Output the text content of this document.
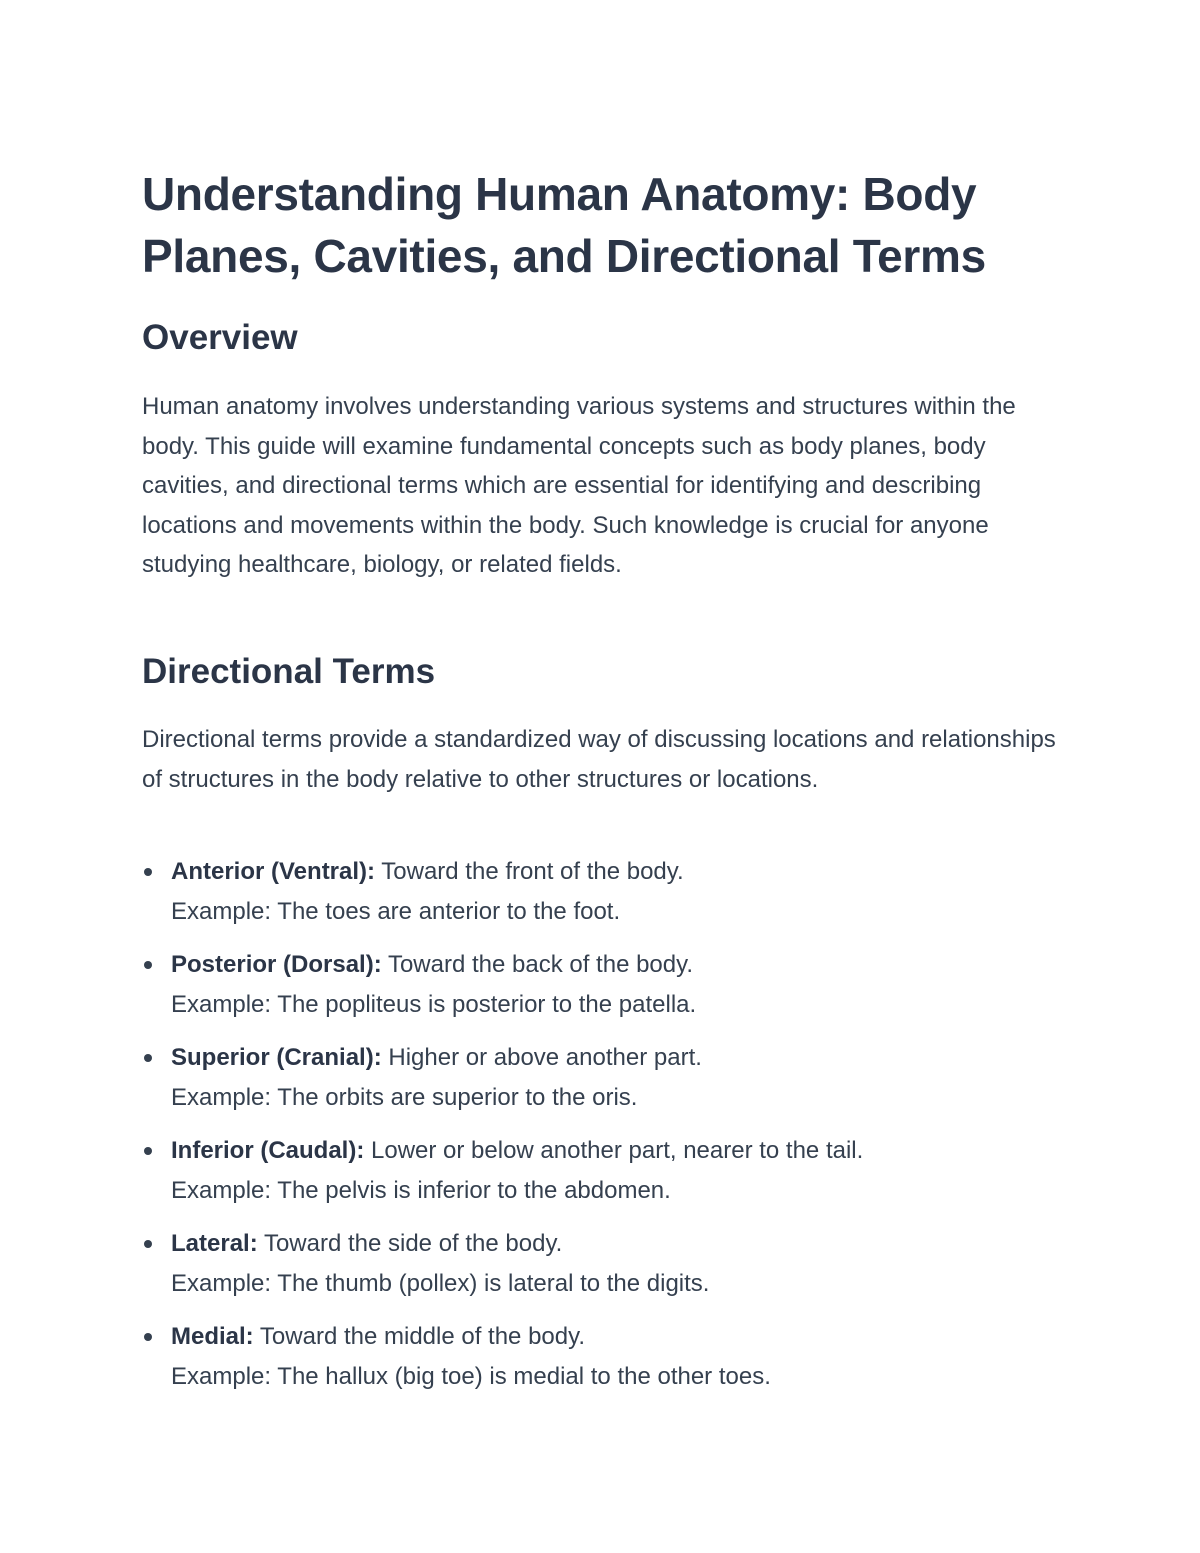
Understanding Human Anatomy: Body Planes, Cavities, and Directional Terms
Overview

Human anatomy involves understanding various systems and structures within the body. This guide will examine fundamental concepts such as body planes, body cavities, and directional terms which are essential for identifying and describing locations and movements within the body. Such knowledge is crucial for anyone studying healthcare, biology, or related fields.

Directional Terms

Directional terms provide a standardized way of discussing locations and relationships of structures in the body relative to other structures or locations.

Anterior (Ventral): Toward the front of the body.
Example: The toes are anterior to the foot.
Posterior (Dorsal): Toward the back of the body.
Example: The popliteus is posterior to the patella.
Superior (Cranial): Higher or above another part.
Example: The orbits are superior to the oris.
Inferior (Caudal): Lower or below another part, nearer to the tail.
Example: The pelvis is inferior to the abdomen.
Lateral: Toward the side of the body.
Example: The thumb (pollex) is lateral to the digits.
Medial: Toward the middle of the body.
Example: The hallux (big toe) is medial to the other toes.
